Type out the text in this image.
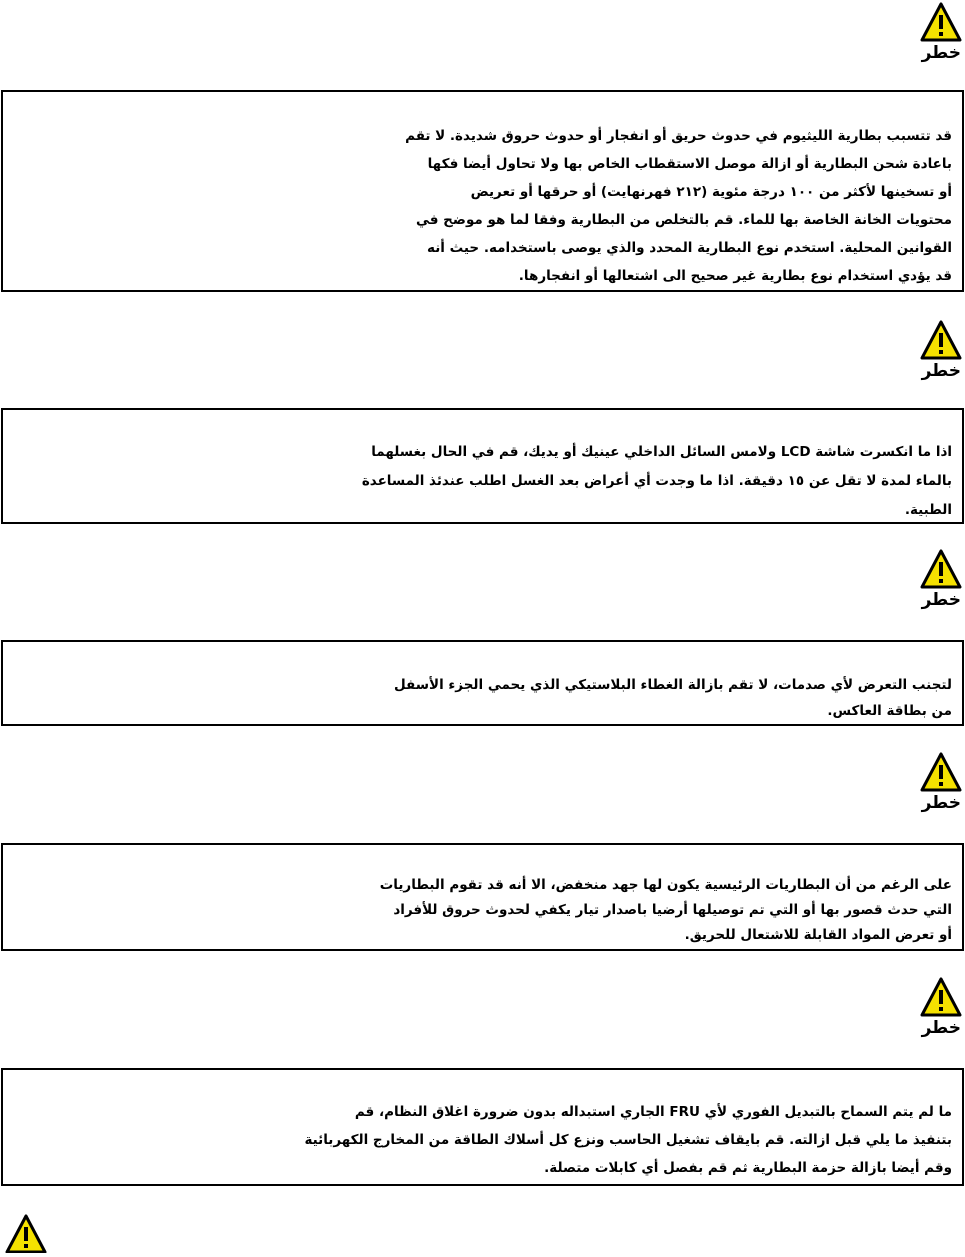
خطر

قد تتسبب بطارية الليثيوم في حدوث حريق أو انفجار أو حدوث حروق شديدة. لا تقم

باعادة شحن البطارية أو ازالة موصل الاستقطاب الخاص بها ولا تحاول أيضا فكها

أو تسخينها لأكثر من ١٠٠ درجة مئوية (٢١٢ فهرنهايت) أو حرقها أو تعريض

محتويات الخانة الخاصة بها للماء. قم بالتخلص من البطارية وفقا لما هو موضح في

القوانين المحلية. استخدم نوع البطارية المحدد والذي يوصى باستخدامه. حيث أنه

قد يؤدي استخدام نوع بطارية غير صحيح الى اشتعالها أو انفجارها.

خطر

اذا ما انكسرت شاشة LCD ولامس السائل الداخلي عينيك أو يديك، قم في الحال بغسلهما

بالماء لمدة لا تقل عن ١٥ دقيقة. اذا ما وجدت أي أعراض بعد الغسل اطلب عندئذ المساعدة

الطبية.

خطر

لتجنب التعرض لأي صدمات، لا تقم بازالة الغطاء البلاستيكي الذي يحمي الجزء الأسفل

من بطاقة العاكس.

خطر

على الرغم من أن البطاريات الرئيسية يكون لها جهد منخفض، الا أنه قد تقوم البطاريات

التي حدث قصور بها أو التي تم توصيلها أرضيا باصدار تيار يكفي لحدوث حروق للأفراد

أو تعرض المواد القابلة للاشتعال للحريق.

خطر

ما لم يتم السماح بالتبديل الفوري لأي FRU الجاري استبداله بدون ضرورة اغلاق النظام، قم

بتنفيذ ما يلي قبل ازالته. قم بايقاف تشغيل الحاسب ونزع كل أسلاك الطاقة من المخارج الكهربائية

وقم أيضا بازالة حزمة البطارية ثم قم بفصل أي كابلات متصلة.
